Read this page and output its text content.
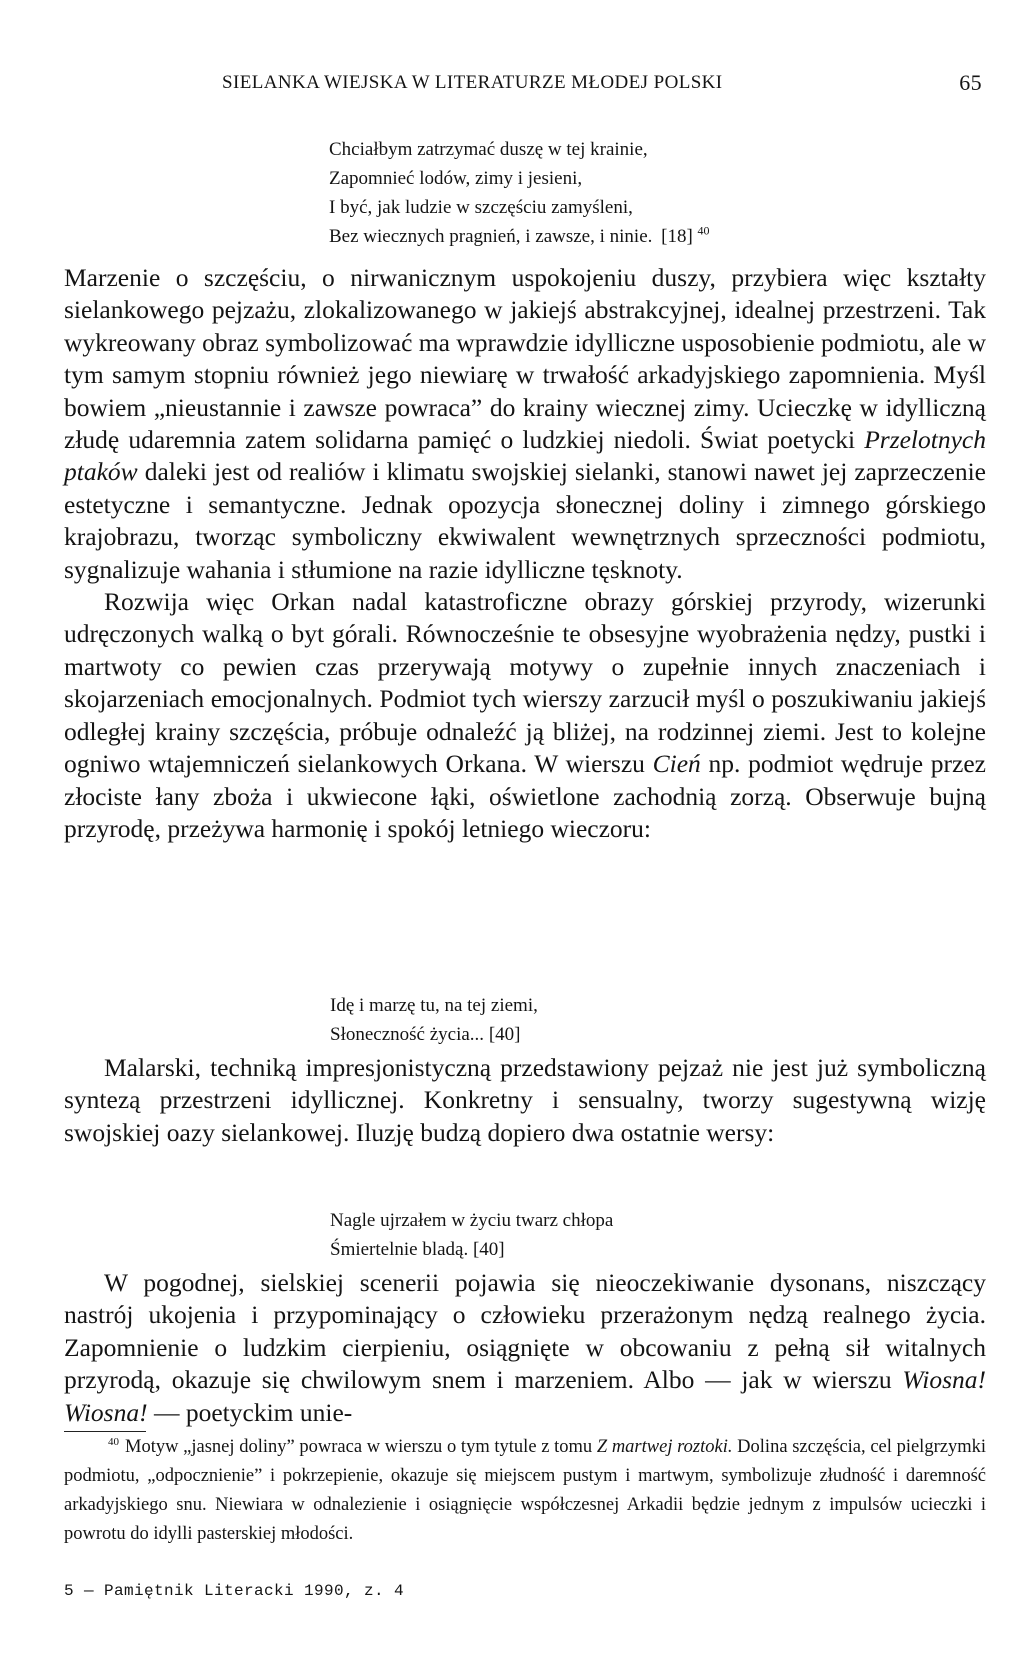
SIELANKA WIEJSKA W LITERATURZE MŁODEJ POLSKI	65
Chciałbym zatrzymać duszę w tej krainie,
Zapomnieć lodów, zimy i jesieni,
I być, jak ludzie w szczęściu zamyśleni,
Bez wiecznych pragnień, i zawsze, i ninie. [18] $^{40}$

Marzenie o szczęściu, o nirwanicznym uspokojeniu duszy, przybiera więc kształty sielankowego pejzażu, zlokalizowanego w jakiejś abstrakcyjnej, idealnej przestrzeni. Tak wykreowany obraz symbolizować ma wprawdzie idylliczne usposobienie podmiotu, ale w tym samym stopniu również jego niewiarę w trwałość arkadyjskiego zapomnienia. Myśl bowiem „nieustannie i zawsze powraca” do krainy wiecznej zimy. Ucieczkę w idylliczną złudę udaremnia zatem solidarna pamięć o ludzkiej niedoli. Świat poetycki Przelotnych ptaków daleki jest od realiów i klimatu swojskiej sielanki, stanowi nawet jej zaprzeczenie estetyczne i semantyczne. Jednak opozycja słonecznej doliny i zimnego górskiego krajobrazu, tworząc symboliczny ekwiwalent wewnętrznych sprzeczności podmiotu, sygnalizuje wahania i stłumione na razie idylliczne tęsknoty.

Rozwija więc Orkan nadal katastroficzne obrazy górskiej przyrody, wizerunki udręczonych walką o byt górali. Równocześnie te obsesyjne wyobrażenia nędzy, pustki i martwoty co pewien czas przerywają motywy o zupełnie innych znaczeniach i skojarzeniach emocjonalnych. Podmiot tych wierszy zarzucił myśl o poszukiwaniu jakiejś odległej krainy szczęścia, próbuje odnaleźć ją bliżej, na rodzinnej ziemi. Jest to kolejne ogniwo wtajemniczeń sielankowych Orkana. W wierszu Cień np. podmiot wędruje przez złociste łany zboża i ukwiecone łąki, oświetlone zachodnią zorzą. Obserwuje bujną przyrodę, przeżywa harmonię i spokój letniego wieczoru:

Idę i marzę tu, na tej ziemi,
Słoneczność życia... [40]

Malarski, techniką impresjonistyczną przedstawiony pejzaż nie jest już symboliczną syntezą przestrzeni idyllicznej. Konkretny i sensualny, tworzy sugestywną wizję swojskiej oazy sielankowej. Iluzję budzą dopiero dwa ostatnie wersy:

Nagle ujrzałem w życiu twarz chłopa
Śmiertelnie bladą. [40]

W pogodnej, sielskiej scenerii pojawia się nieoczekiwanie dysonans, niszczący nastrój ukojenia i przypominający o człowieku przerażonym nędzą realnego życia. Zapomnienie o ludzkim cierpieniu, osiągnięte w obcowaniu z pełną sił witalnych przyrodą, okazuje się chwilowym snem i marzeniem. Albo — jak w wierszu Wiosna! Wiosna! — poetyckim unie-

$^{40}$ Motyw „jasnej doliny” powraca w wierszu o tym tytule z tomu Z martwej roztoki. Dolina szczęścia, cel pielgrzymki podmiotu, „odpocznienie” i pokrzepienie, okazuje się miejscem pustym i martwym, symbolizuje złudność i daremność arkadyjskiego snu. Niewiara w odnalezienie i osiągnięcie współczesnej Arkadii będzie jednym z impulsów ucieczki i powrotu do idylli pasterskiej młodości.

5 — Pamiętnik Literacki 1990, z. 4
